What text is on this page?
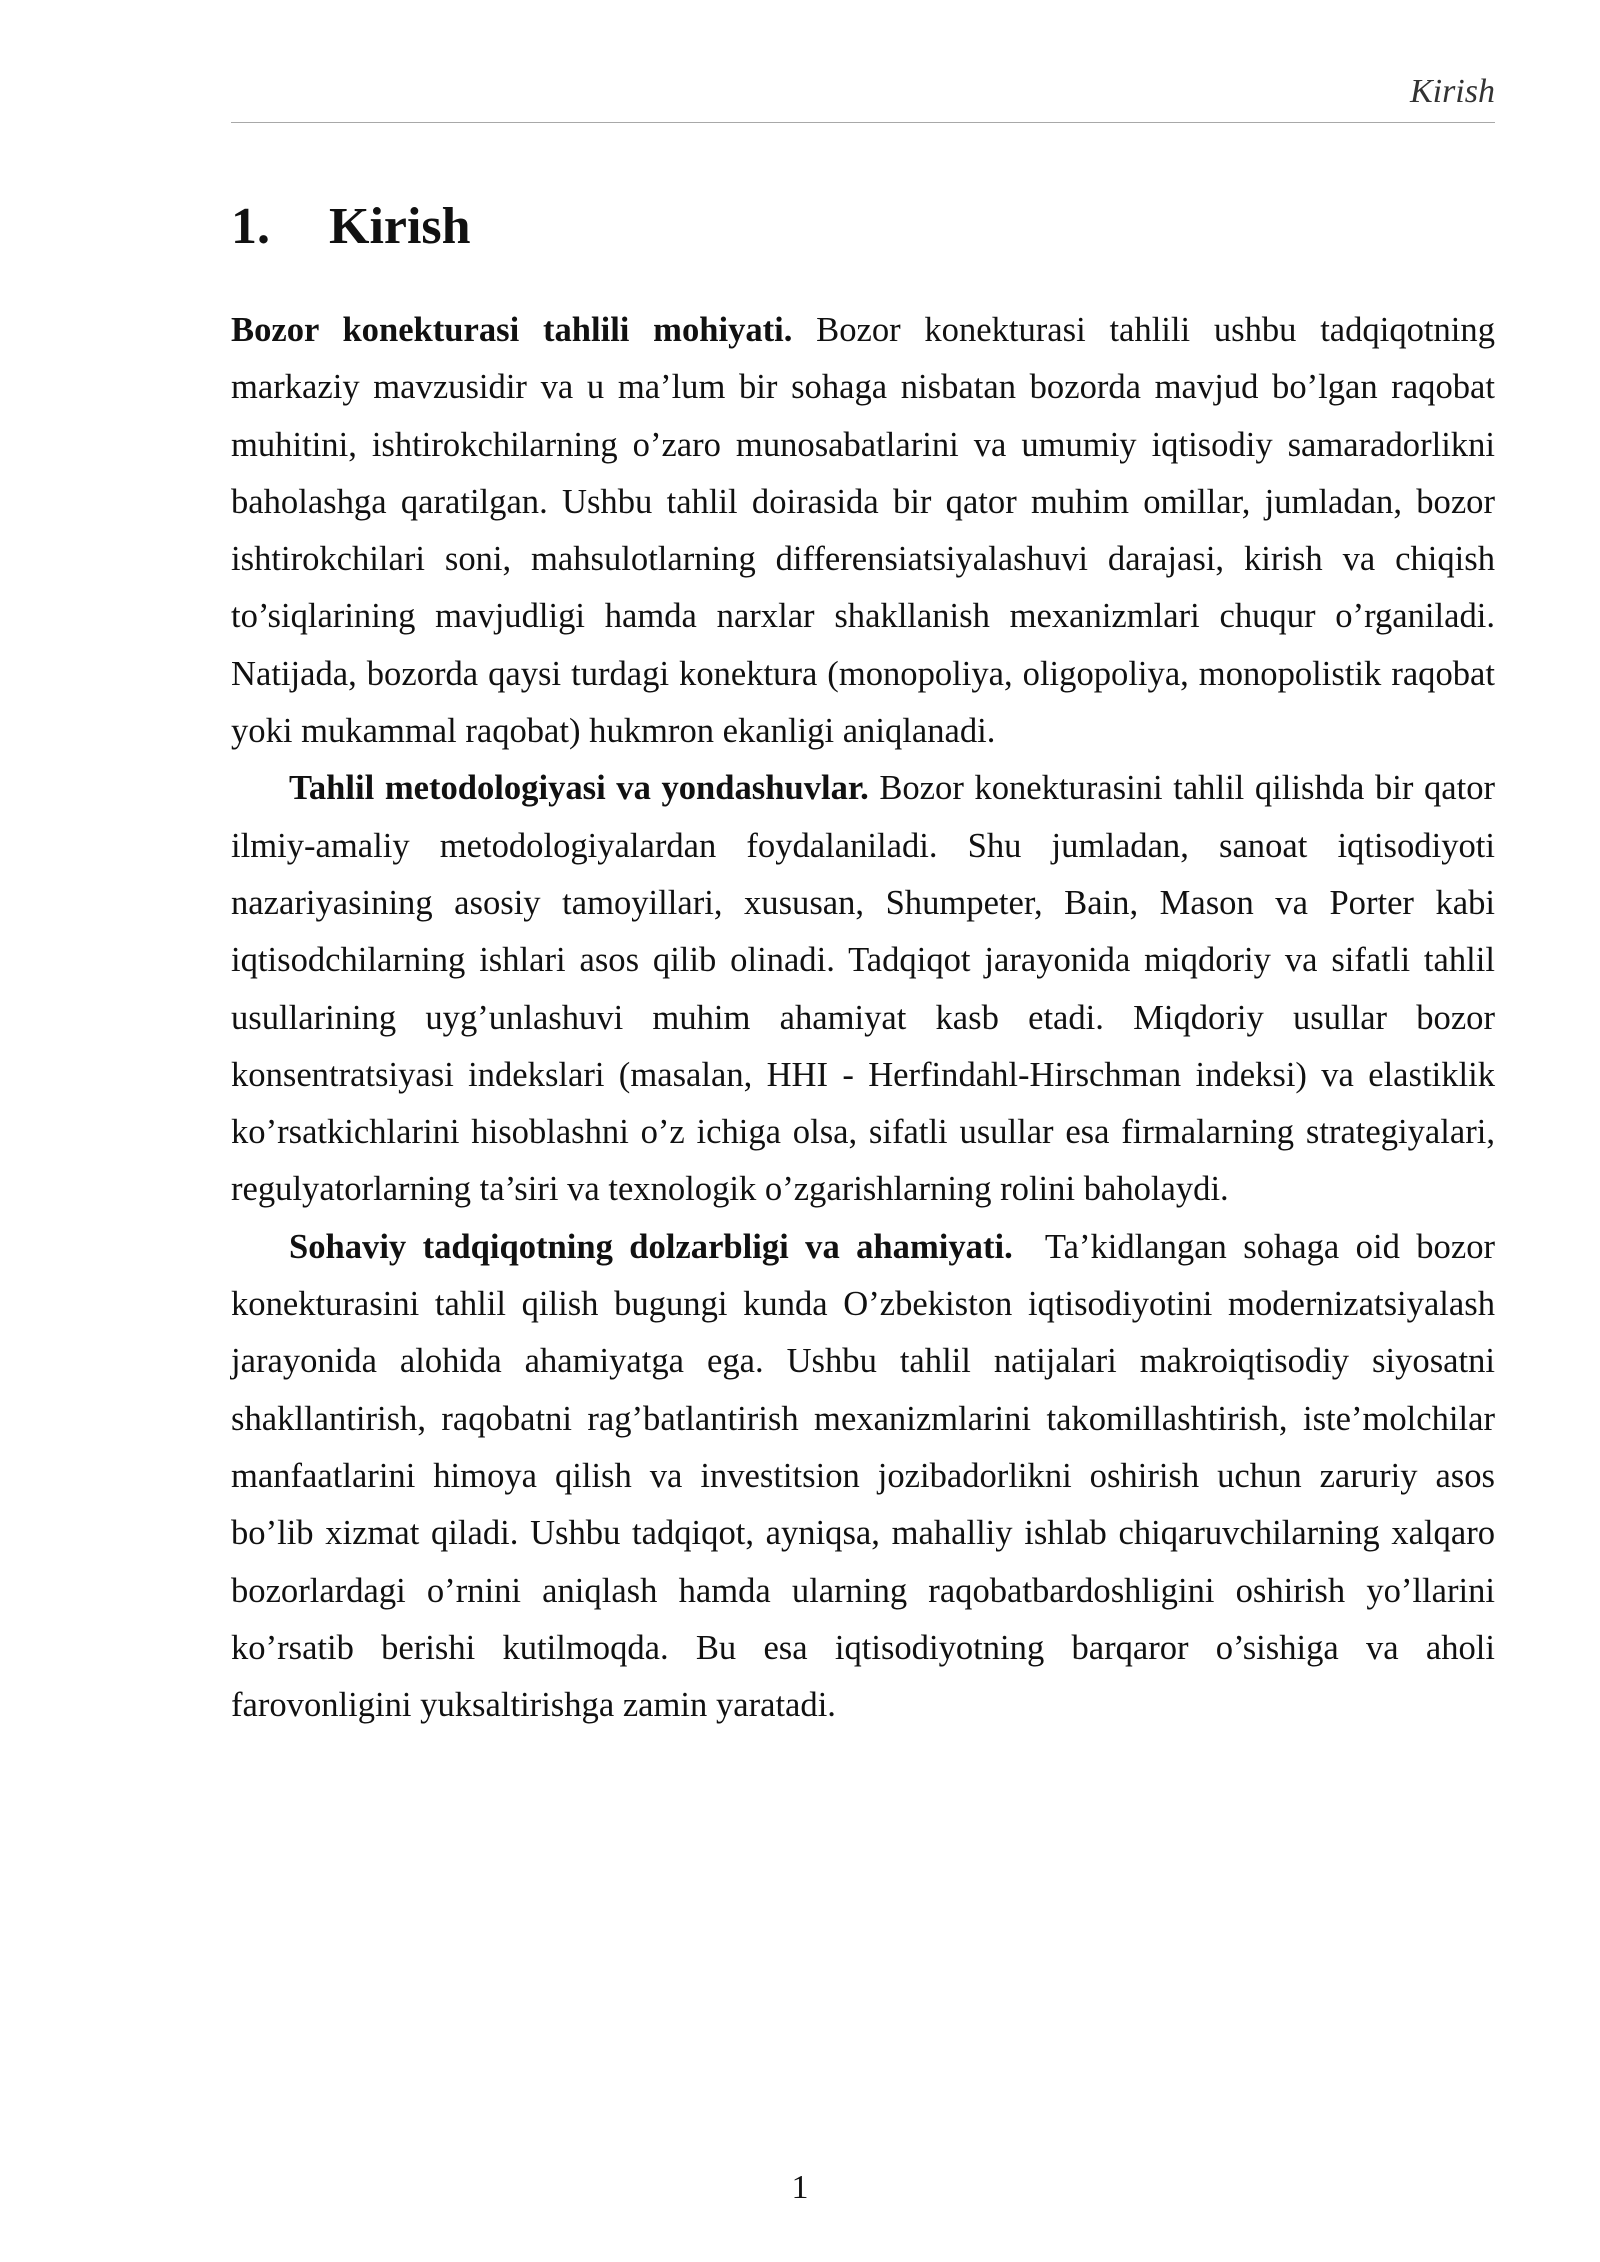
Kirish
1. Kirish

Bozor konekturasi tahlili mohiyati. Bozor konekturasi tahlili ushbu tadqiqotning markaziy mavzusidir va u ma’lum bir sohaga nisbatan bozorda mavjud bo’lgan raqobat muhitini, ishtirokchilarning o’zaro munosabatlarini va umumiy iqtisodiy samaradorlikni baholashga qaratilgan. Ushbu tahlil doirasida bir qator muhim omillar, jumladan, bozor ishtirokchilari soni, mahsulotlarning differensiatsiyalashuvi darajasi, kirish va chiqish to’siqlarining mavjudligi hamda narxlar shakllanish mexanizmlari chuqur o’rganiladi. Natijada, bozorda qaysi turdagi konektura (monopoliya, oligopoliya, monopolistik raqobat yoki mukammal raqobat) hukmron ekanligi aniqlanadi.

Tahlil metodologiyasi va yondashuvlar. Bozor konekturasini tahlil qilishda bir qator ilmiy-amaliy metodologiyalardan foydalaniladi. Shu jumladan, sanoat iqtisodiyoti nazariyasining asosiy tamoyillari, xususan, Shumpeter, Bain, Mason va Porter kabi iqtisodchilarning ishlari asos qilib olinadi. Tadqiqot jarayonida miqdoriy va sifatli tahlil usullarining uyg’unlashuvi muhim ahamiyat kasb etadi. Miqdoriy usullar bozor konsentratsiyasi indekslari (masalan, HHI - Herfindahl-Hirschman indeksi) va elastiklik ko’rsatkichlarini hisoblashni o’z ichiga olsa, sifatli usullar esa firmalarning strategiyalari, regulyatorlarning ta’siri va texnologik o’zgarishlarning rolini baholaydi.

Sohaviy tadqiqotning dolzarbligi va ahamiyati. Ta’kidlangan sohaga oid bozor konekturasini tahlil qilish bugungi kunda O’zbekiston iqtisodiyotini modernizatsiyalash jarayonida alohida ahamiyatga ega. Ushbu tahlil natijalari makroiqtisodiy siyosatni shakllantirish, raqobatni rag’batlantirish mexanizmlarini takomillashtirish, iste’molchilar manfaatlarini himoya qilish va investitsion jozibadorlikni oshirish uchun zaruriy asos bo’lib xizmat qiladi. Ushbu tadqiqot, ayniqsa, mahalliy ishlab chiqaruvchilarning xalqaro bozorlardagi o’rnini aniqlash hamda ularning raqobatbardoshligini oshirish yo’llarini ko’rsatib berishi kutilmoqda. Bu esa iqtisodiyotning barqaror o’sishiga va aholi farovonligini yuksaltirishga zamin yaratadi.

1
